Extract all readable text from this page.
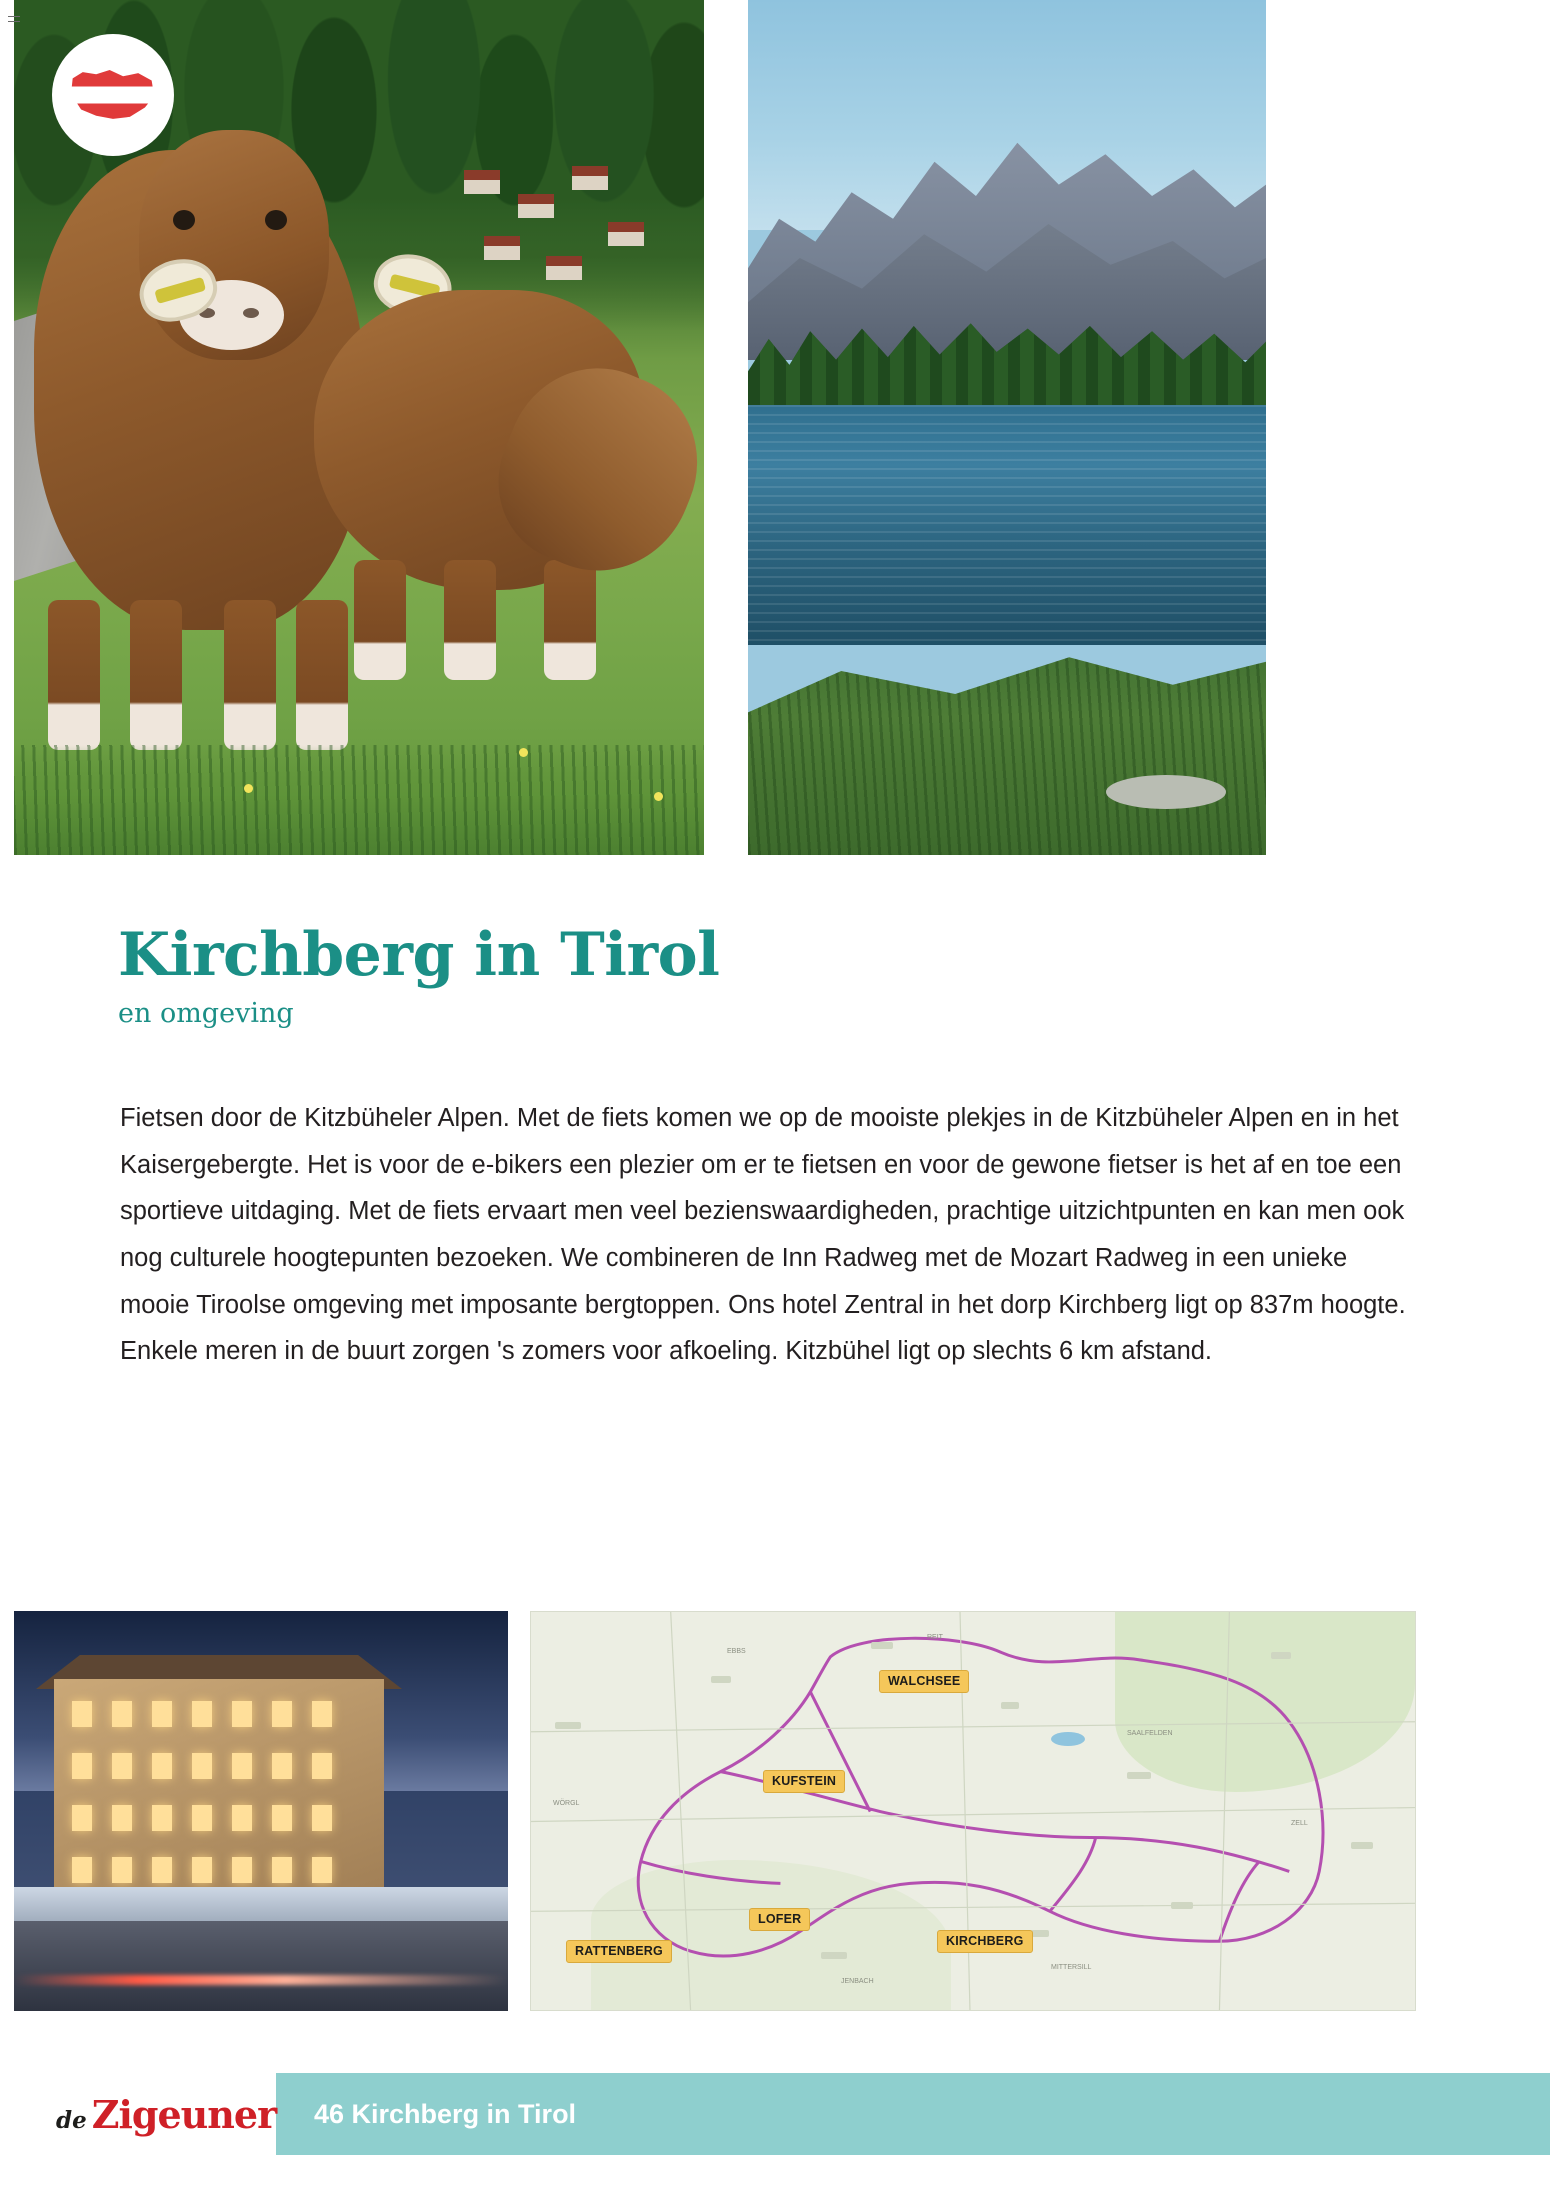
Kirchberg in Tirol
en omgeving
Fietsen door de Kitzbüheler Alpen. Met de fiets komen we op de mooiste plekjes in de Kitzbüheler Alpen en in het Kaisergebergte. Het is voor de e-bikers een plezier om er te fietsen en voor de gewone fietser is het af en toe een sportieve uitdaging. Met de fiets ervaart men veel bezienswaardigheden, prachtige uitzichtpunten en kan men ook nog culturele hoogtepunten bezoeken. We combineren de Inn Radweg met de Mozart Radweg in een unieke mooie Tiroolse omgeving met imposante bergtoppen. Ons hotel Zentral in het dorp Kirchberg ligt op 837m hoogte. Enkele meren in de buurt zorgen 's zomers voor afkoeling. Kitzbühel ligt op slechts 6 km afstand.
WÖRGL
EBBS
REIT
SAALFELDEN
ZELL
JENBACH
MITTERSILL
WALCHSEE
KUFSTEIN
LOFER
KIRCHBERG
RATTENBERG
46 Kirchberg in Tirol
de Zigeuner
